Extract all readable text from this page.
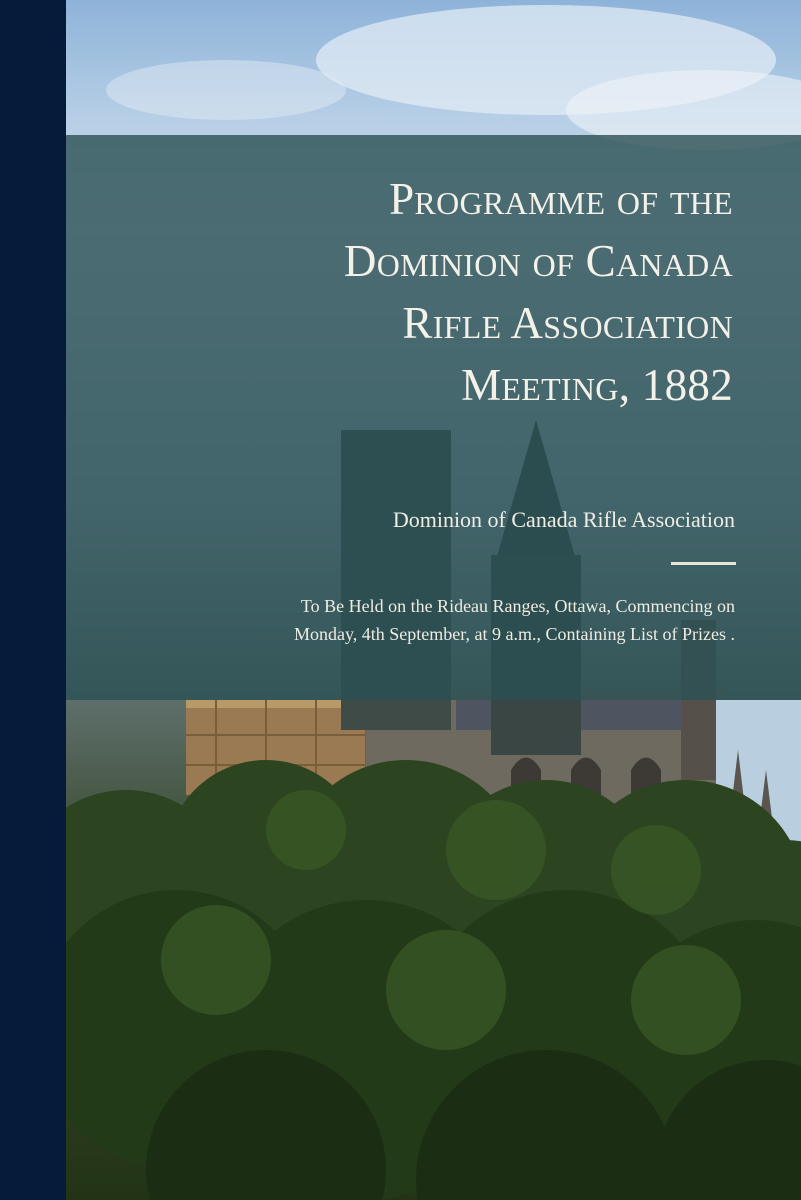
Programme of the
Dominion of Canada
Rifle Association
Meeting, 1882

Dominion of Canada Rifle Association

To Be Held on the Rideau Ranges, Ottawa, Commencing on
Monday, 4th September, at 9 a.m., Containing List of Prizes .
